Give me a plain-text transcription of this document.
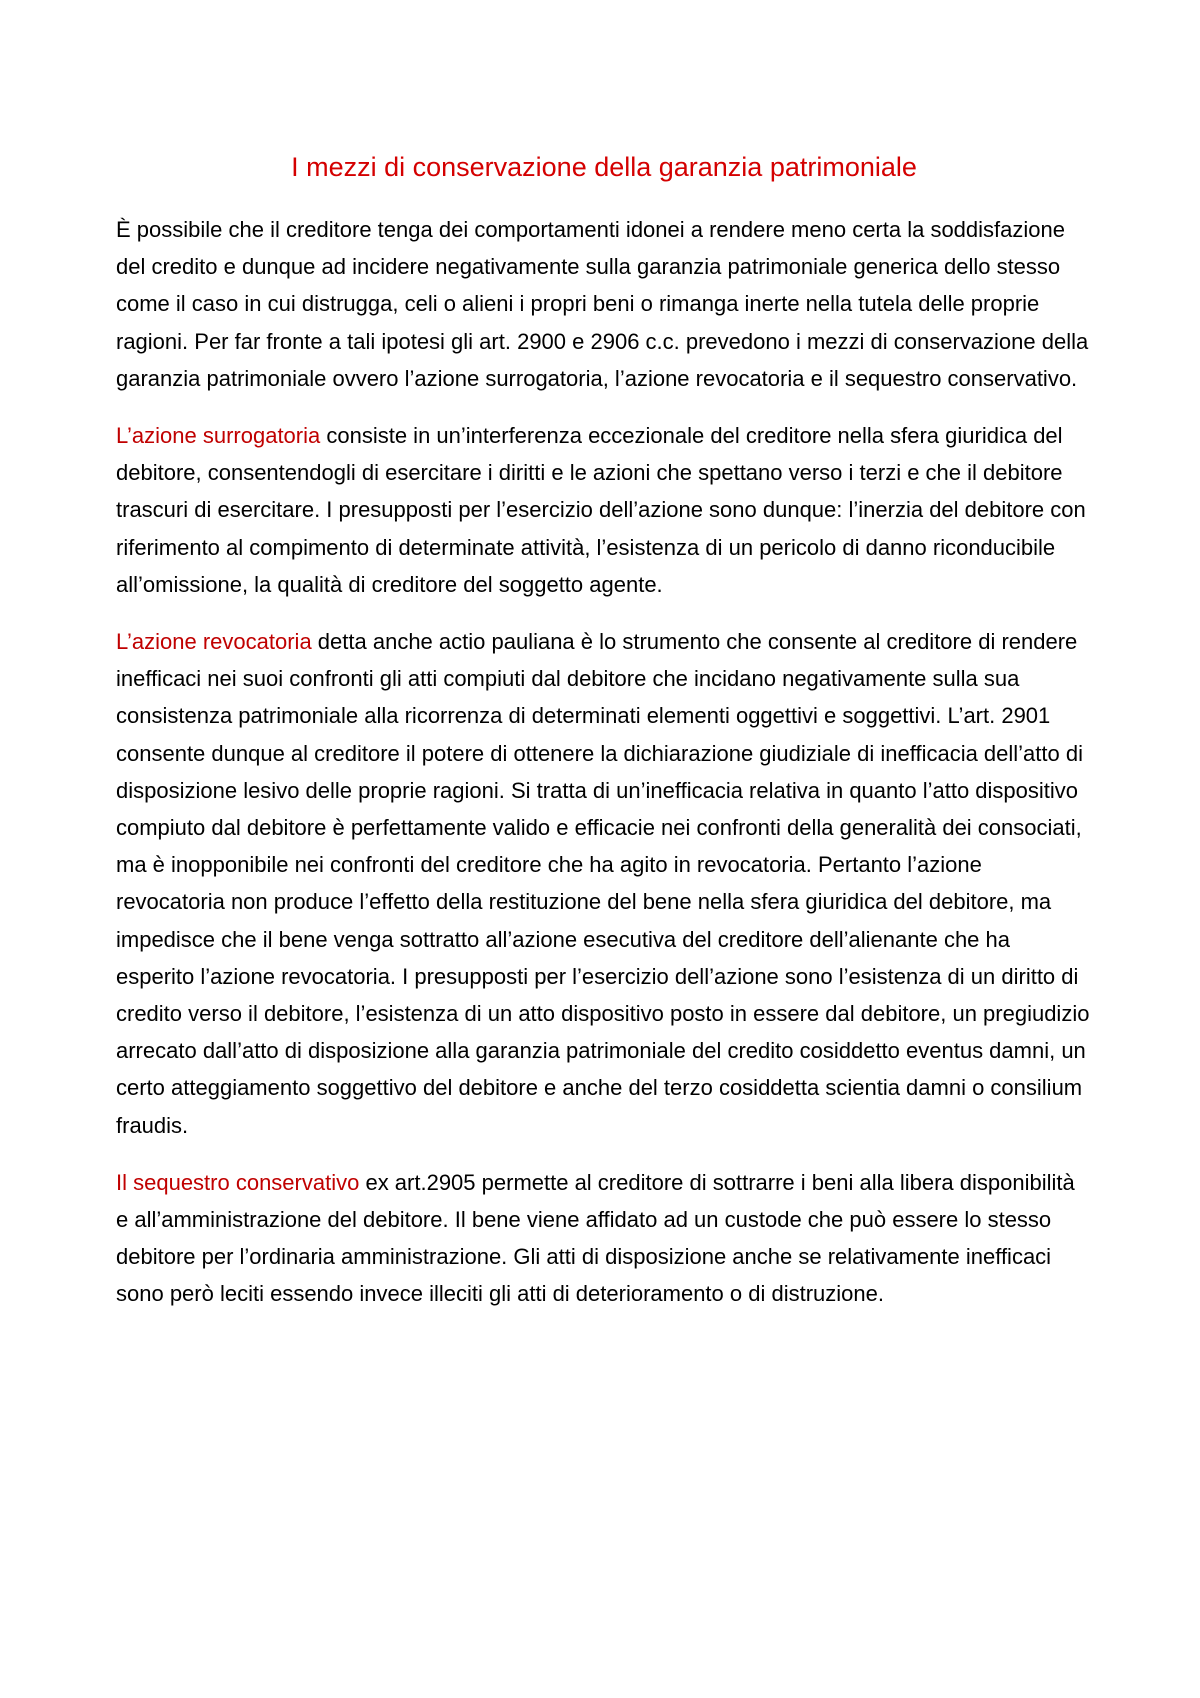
I mezzi di conservazione della garanzia patrimoniale

È possibile che il creditore tenga dei comportamenti idonei a rendere meno certa la soddisfazione del credito e dunque ad incidere negativamente sulla garanzia patrimoniale generica dello stesso come il caso in cui distrugga, celi o alieni i propri beni o rimanga inerte nella tutela delle proprie ragioni. Per far fronte a tali ipotesi gli art. 2900 e 2906 c.c. prevedono i mezzi di conservazione della garanzia patrimoniale ovvero l’azione surrogatoria, l’azione revocatoria e il sequestro conservativo.

L’azione surrogatoria consiste in un’interferenza eccezionale del creditore nella sfera giuridica del debitore, consentendogli di esercitare i diritti e le azioni che spettano verso i terzi e che il debitore trascuri di esercitare. I presupposti per l’esercizio dell’azione sono dunque: l’inerzia del debitore con riferimento al compimento di determinate attività, l’esistenza di un pericolo di danno riconducibile all’omissione, la qualità di creditore del soggetto agente.

L’azione revocatoria detta anche actio pauliana è lo strumento che consente al creditore di rendere inefficaci nei suoi confronti gli atti compiuti dal debitore che incidano negativamente sulla sua consistenza patrimoniale alla ricorrenza di determinati elementi oggettivi e soggettivi. L’art. 2901 consente dunque al creditore il potere di ottenere la dichiarazione giudiziale di inefficacia dell’atto di disposizione lesivo delle proprie ragioni. Si tratta di un’inefficacia relativa in quanto l’atto dispositivo compiuto dal debitore è perfettamente valido e efficacie nei confronti della generalità dei consociati, ma è inopponibile nei confronti del creditore che ha agito in revocatoria. Pertanto l’azione revocatoria non produce l’effetto della restituzione del bene nella sfera giuridica del debitore, ma impedisce che il bene venga sottratto all’azione esecutiva del creditore dell’alienante che ha esperito l’azione revocatoria. I presupposti per l’esercizio dell’azione sono l’esistenza di un diritto di credito verso il debitore, l’esistenza di un atto dispositivo posto in essere dal debitore, un pregiudizio arrecato dall’atto di disposizione alla garanzia patrimoniale del credito cosiddetto eventus damni, un certo atteggiamento soggettivo del debitore e anche del terzo cosiddetta scientia damni o consilium fraudis.

Il sequestro conservativo ex art.2905 permette al creditore di sottrarre i beni alla libera disponibilità e all’amministrazione del debitore. Il bene viene affidato ad un custode che può essere lo stesso debitore per l’ordinaria amministrazione. Gli atti di disposizione anche se relativamente inefficaci sono però leciti essendo invece illeciti gli atti di deterioramento o di distruzione.
